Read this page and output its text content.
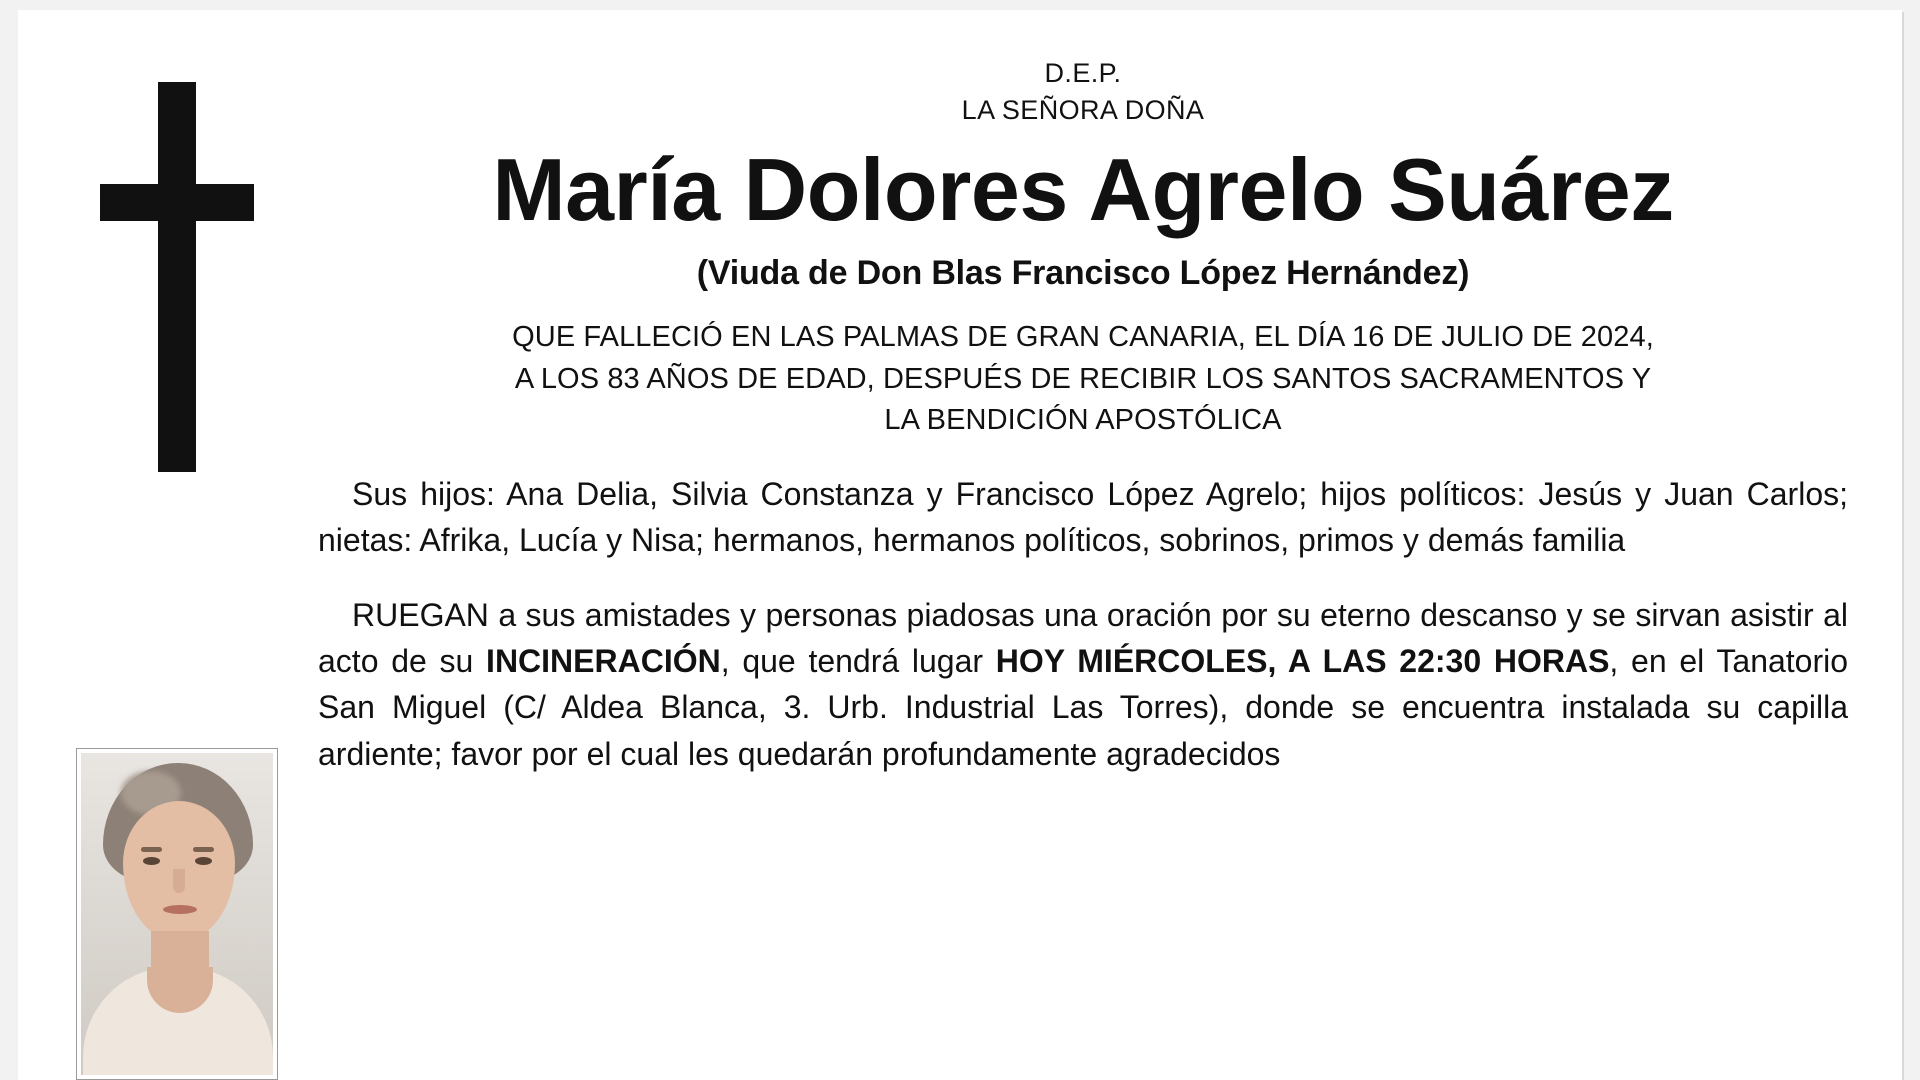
D.E.P.
LA SEÑORA DOÑA
María Dolores Agrelo Suárez
(Viuda de Don Blas Francisco López Hernández)
QUE FALLECIÓ EN LAS PALMAS DE GRAN CANARIA, EL DÍA 16 DE JULIO DE 2024,
A LOS 83 AÑOS DE EDAD, DESPUÉS DE RECIBIR LOS SANTOS SACRAMENTOS Y
LA BENDICIÓN APOSTÓLICA
Sus hijos: Ana Delia, Silvia Constanza y Francisco López Agrelo; hijos políticos: Jesús y Juan Carlos; nietas: Afrika, Lucía y Nisa; hermanos, hermanos políticos, sobrinos, primos y demás familia
RUEGAN a sus amistades y personas piadosas una oración por su eterno descanso y se sirvan asistir al acto de su INCINERACIÓN, que tendrá lugar HOY MIÉRCOLES, A LAS 22:30 HORAS, en el Tanatorio San Miguel (C/ Aldea Blanca, 3. Urb. Industrial Las Torres), donde se encuentra instalada su capilla ardiente; favor por el cual les quedarán profundamente agradecidos
